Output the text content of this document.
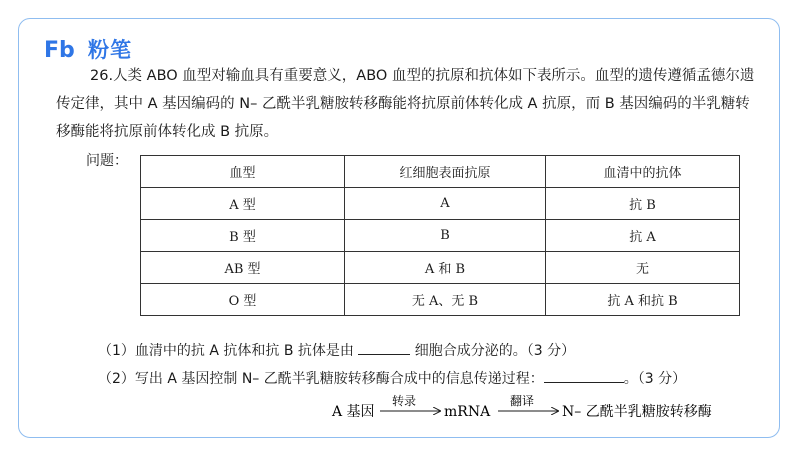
Fb 粉笔
26.人类 ABO 血型对输血具有重要意义，ABO 血型的抗原和抗体如下表所示。血型的遗传遵循孟德尔遗传定律，其中 A 基因编码的 N– 乙酰半乳糖胺转移酶能将抗原前体转化成 A 抗原，而 B 基因编码的半乳糖转移酶能将抗原前体转化成 B 抗原。
问题：
血型	红细胞表面抗原	血清中的抗体
A 型	A	抗 B
B 型	B	抗 A
AB 型	A 和 B	无
O 型	无 A、无 B	抗 A 和抗 B
（1）血清中的抗 A 抗体和抗 B 抗体是由	细胞合成分泌的。（3 分）
（2）写出 A 基因控制 N– 乙酰半乳糖胺转移酶合成中的信息传递过程：	。（3 分）
A 基因
转录
mRNA
翻译
N– 乙酰半乳糖胺转移酶
